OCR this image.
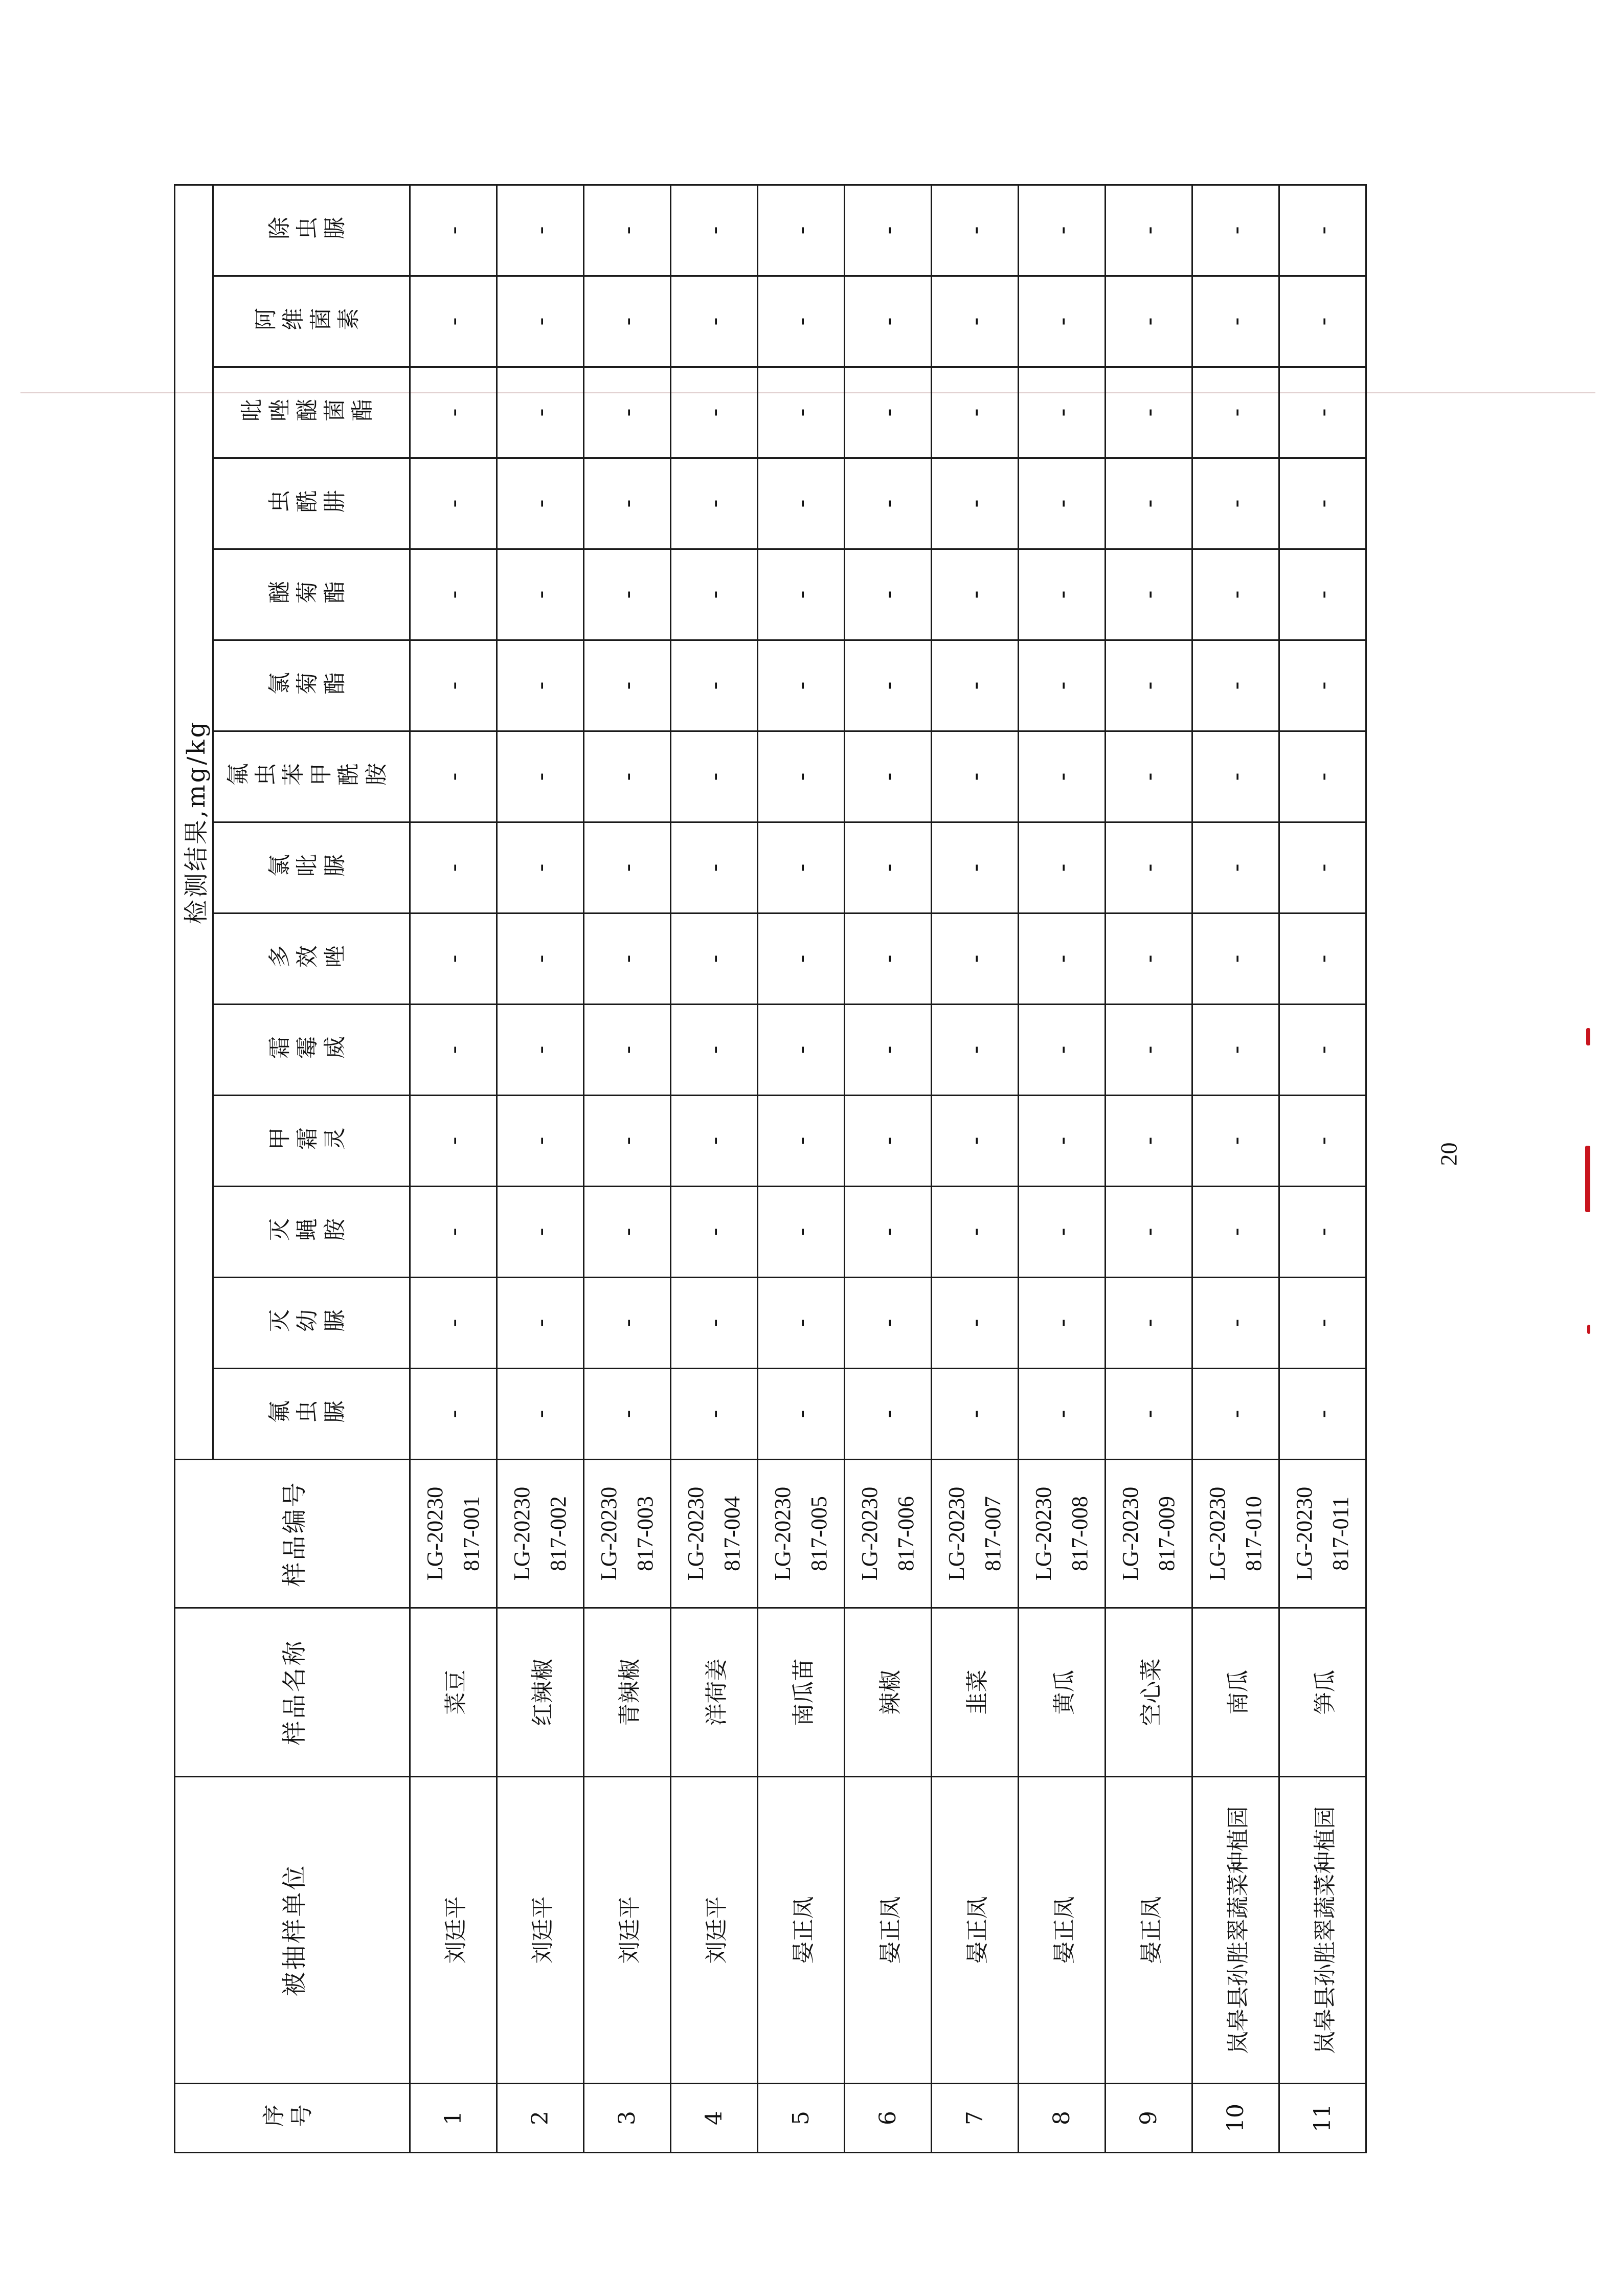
序号	被抽样单位	样品名称	样品编号	检测结果,mg/kg													
				氟虫脲	灭幼脲	灭蝇胺	甲霜灵	霜霉威	多效唑	氯吡脲	氟虫苯甲酰胺	氯菊酯	醚菊酯	虫酰肼	吡唑醚菌酯	阿维菌素	除虫脲
1	刘廷平	菜豆	LG-20230 817-001	-	-	-	-	-	-	-	-	-	-	-	-	-	-
2	刘廷平	红辣椒	LG-20230 817-002	-	-	-	-	-	-	-	-	-	-	-	-	-	-
3	刘廷平	青辣椒	LG-20230 817-003	-	-	-	-	-	-	-	-	-	-	-	-	-	-
4	刘廷平	洋荷姜	LG-20230 817-004	-	-	-	-	-	-	-	-	-	-	-	-	-	-
5	晏正凤	南瓜苗	LG-20230 817-005	-	-	-	-	-	-	-	-	-	-	-	-	-	-
6	晏正凤	辣椒	LG-20230 817-006	-	-	-	-	-	-	-	-	-	-	-	-	-	-
7	晏正凤	韭菜	LG-20230 817-007	-	-	-	-	-	-	-	-	-	-	-	-	-	-
8	晏正凤	黄瓜	LG-20230 817-008	-	-	-	-	-	-	-	-	-	-	-	-	-	-
9	晏正凤	空心菜	LG-20230 817-009	-	-	-	-	-	-	-	-	-	-	-	-	-	-
10	岚皋县孙胜翠蔬菜种植园	南瓜	LG-20230 817-010	-	-	-	-	-	-	-	-	-	-	-	-	-	-
11	岚皋县孙胜翠蔬菜种植园	笋瓜	LG-20230 817-011	-	-	-	-	-	-	-	-	-	-	-	-	-	-
20
